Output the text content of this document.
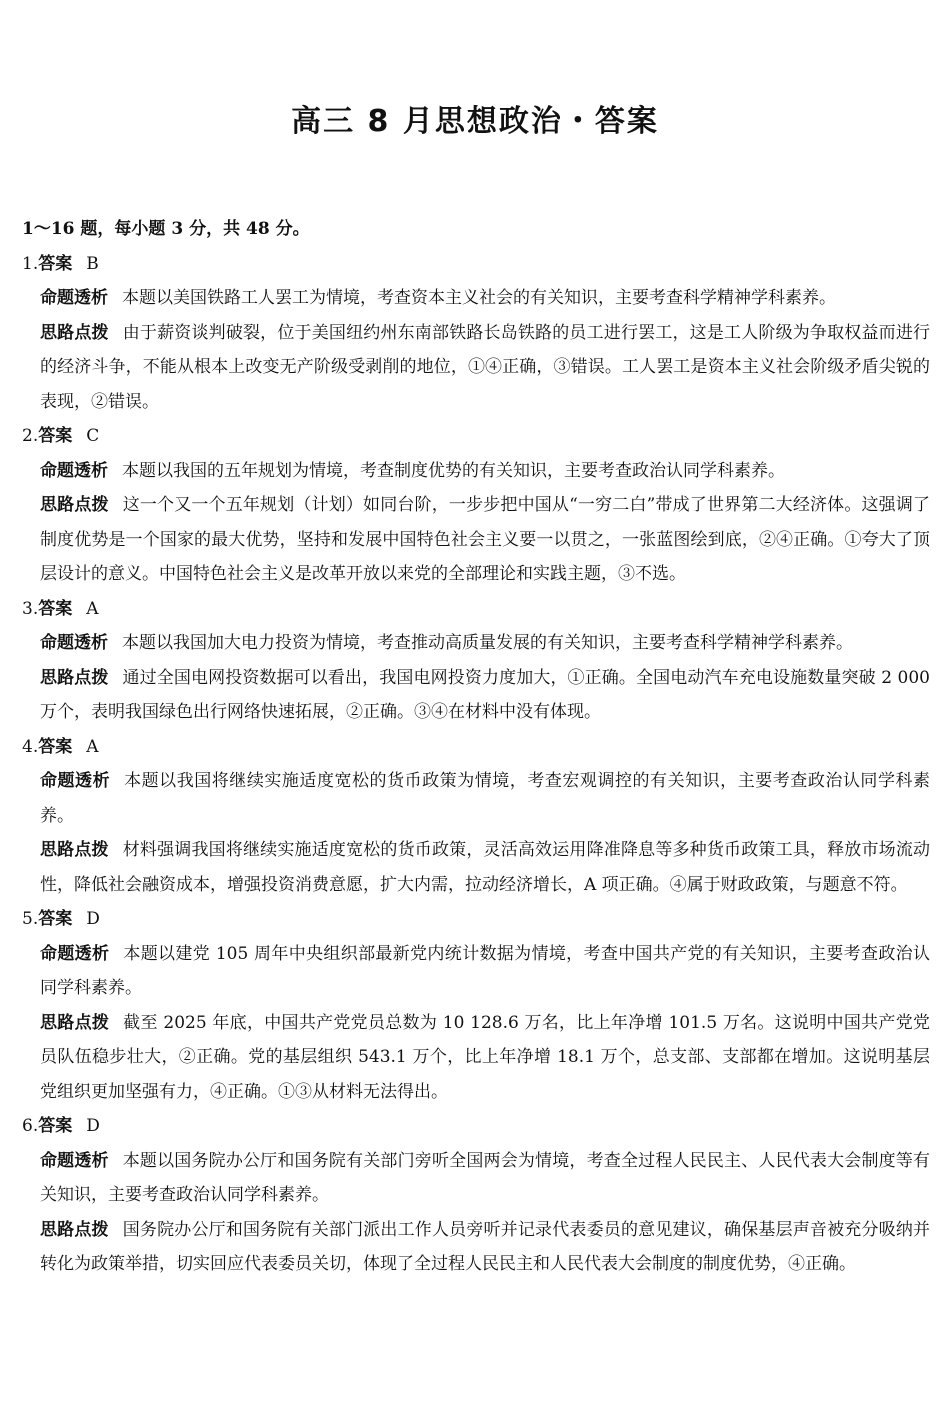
高三 8 月思想政治・答案

1～16 题，每小题 3 分，共 48 分。

1.答案 B

命题透析 本题以美国铁路工人罢工为情境，考查资本主义社会的有关知识，主要考查科学精神学科素养。

思路点拨 由于薪资谈判破裂，位于美国纽约州东南部铁路长岛铁路的员工进行罢工，这是工人阶级为争取权益而进行的经济斗争，不能从根本上改变无产阶级受剥削的地位，①④正确，③错误。工人罢工是资本主义社会阶级矛盾尖锐的表现，②错误。

2.答案 C

命题透析 本题以我国的五年规划为情境，考查制度优势的有关知识，主要考查政治认同学科素养。

思路点拨 这一个又一个五年规划（计划）如同台阶，一步步把中国从“一穷二白”带成了世界第二大经济体。这强调了制度优势是一个国家的最大优势，坚持和发展中国特色社会主义要一以贯之，一张蓝图绘到底，②④正确。①夸大了顶层设计的意义。中国特色社会主义是改革开放以来党的全部理论和实践主题，③不选。

3.答案 A

命题透析 本题以我国加大电力投资为情境，考查推动高质量发展的有关知识，主要考查科学精神学科素养。

思路点拨 通过全国电网投资数据可以看出，我国电网投资力度加大，①正确。全国电动汽车充电设施数量突破 2 000 万个，表明我国绿色出行网络快速拓展，②正确。③④在材料中没有体现。

4.答案 A

命题透析 本题以我国将继续实施适度宽松的货币政策为情境，考查宏观调控的有关知识，主要考查政治认同学科素养。

思路点拨 材料强调我国将继续实施适度宽松的货币政策，灵活高效运用降准降息等多种货币政策工具，释放市场流动性，降低社会融资成本，增强投资消费意愿，扩大内需，拉动经济增长，A 项正确。④属于财政政策，与题意不符。

5.答案 D

命题透析 本题以建党 105 周年中央组织部最新党内统计数据为情境，考查中国共产党的有关知识，主要考查政治认同学科素养。

思路点拨 截至 2025 年底，中国共产党党员总数为 10 128.6 万名，比上年净增 101.5 万名。这说明中国共产党党员队伍稳步壮大，②正确。党的基层组织 543.1 万个，比上年净增 18.1 万个，总支部、支部都在增加。这说明基层党组织更加坚强有力，④正确。①③从材料无法得出。

6.答案 D

命题透析 本题以国务院办公厅和国务院有关部门旁听全国两会为情境，考查全过程人民民主、人民代表大会制度等有关知识，主要考查政治认同学科素养。

思路点拨 国务院办公厅和国务院有关部门派出工作人员旁听并记录代表委员的意见建议，确保基层声音被充分吸纳并转化为政策举措，切实回应代表委员关切，体现了全过程人民民主和人民代表大会制度的制度优势，④正确。
